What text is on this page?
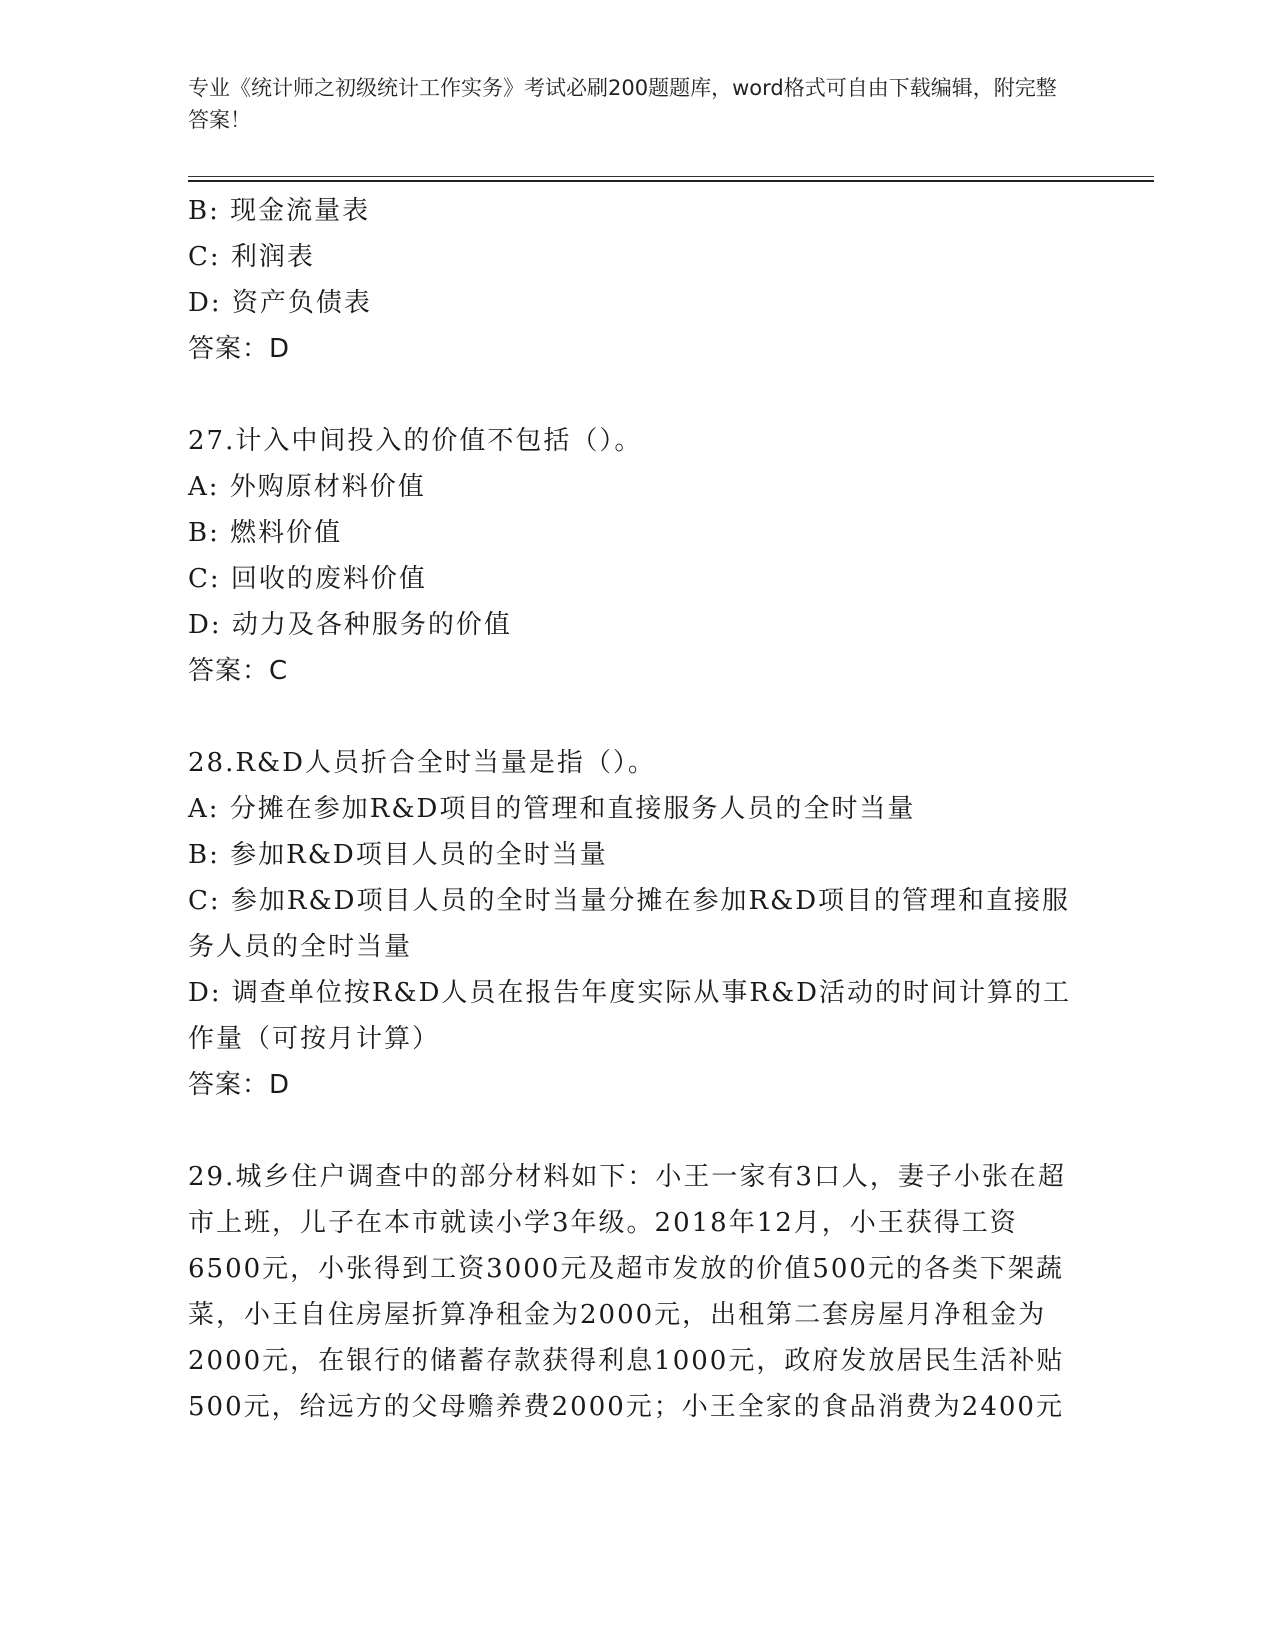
专业《统计师之初级统计工作实务》考试必刷200题题库，word格式可自由下载编辑，附完整答案！
B: 现金流量表
C: 利润表
D: 资产负债表
答案：D
27.计入中间投入的价值不包括（）。
A: 外购原材料价值
B: 燃料价值
C: 回收的废料价值
D: 动力及各种服务的价值
答案：C
28.R&D人员折合全时当量是指（）。
A: 分摊在参加R&D项目的管理和直接服务人员的全时当量
B: 参加R&D项目人员的全时当量
C: 参加R&D项目人员的全时当量分摊在参加R&D项目的管理和直接服务人员的全时当量
D: 调查单位按R&D人员在报告年度实际从事R&D活动的时间计算的工作量（可按月计算）
答案：D
29.城乡住户调查中的部分材料如下：小王一家有3口人，妻子小张在超市上班，儿子在本市就读小学3年级。2018年12月，小王获得工资6500元，小张得到工资3000元及超市发放的价值500元的各类下架蔬菜，小王自住房屋折算净租金为2000元，出租第二套房屋月净租金为2000元，在银行的储蓄存款获得利息1000元，政府发放居民生活补贴500元，给远方的父母赡养费2000元；小王全家的食品消费为2400元
